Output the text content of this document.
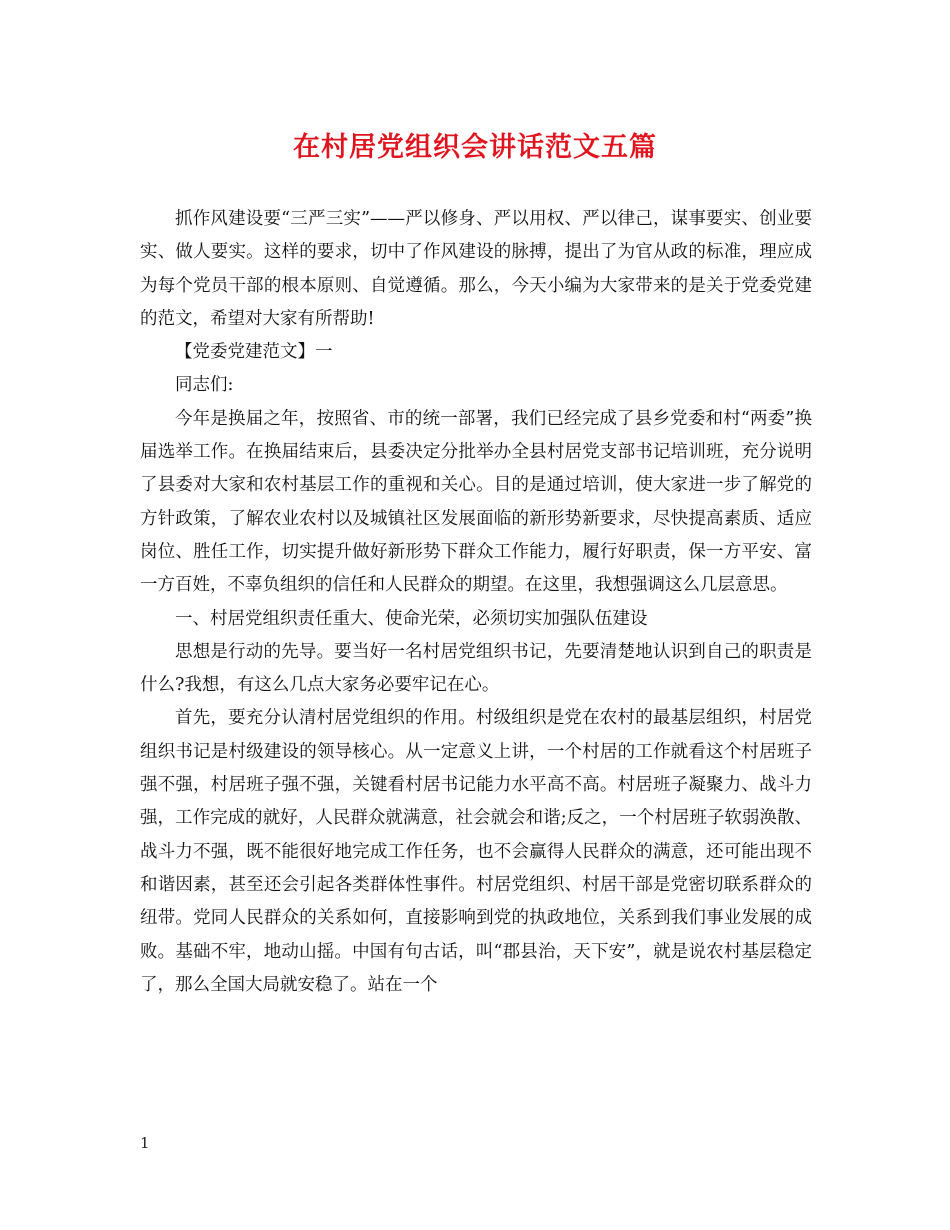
在村居党组织会讲话范文五篇

抓作风建设要“三严三实”——严以修身、严以用权、严以律己，谋事要实、创业要实、做人要实。这样的要求，切中了作风建设的脉搏，提出了为官从政的标准，理应成为每个党员干部的根本原则、自觉遵循。那么，今天小编为大家带来的是关于党委党建的范文，希望对大家有所帮助!

【党委党建范文】一

同志们:

今年是换届之年，按照省、市的统一部署，我们已经完成了县乡党委和村“两委”换届选举工作。在换届结束后，县委决定分批举办全县村居党支部书记培训班，充分说明了县委对大家和农村基层工作的重视和关心。目的是通过培训，使大家进一步了解党的方针政策，了解农业农村以及城镇社区发展面临的新形势新要求，尽快提高素质、适应岗位、胜任工作，切实提升做好新形势下群众工作能力，履行好职责，保一方平安、富一方百姓，不辜负组织的信任和人民群众的期望。在这里，我想强调这么几层意思。

一、村居党组织责任重大、使命光荣，必须切实加强队伍建设

思想是行动的先导。要当好一名村居党组织书记，先要清楚地认识到自己的职责是什么?我想，有这么几点大家务必要牢记在心。

首先，要充分认清村居党组织的作用。村级组织是党在农村的最基层组织，村居党组织书记是村级建设的领导核心。从一定意义上讲，一个村居的工作就看这个村居班子强不强，村居班子强不强，关键看村居书记能力水平高不高。村居班子凝聚力、战斗力强，工作完成的就好，人民群众就满意，社会就会和谐;反之，一个村居班子软弱涣散、战斗力不强，既不能很好地完成工作任务，也不会赢得人民群众的满意，还可能出现不和谐因素，甚至还会引起各类群体性事件。村居党组织、村居干部是党密切联系群众的纽带。党同人民群众的关系如何，直接影响到党的执政地位，关系到我们事业发展的成败。基础不牢，地动山摇。中国有句古话，叫“郡县治，天下安”，就是说农村基层稳定了，那么全国大局就安稳了。站在一个

1
